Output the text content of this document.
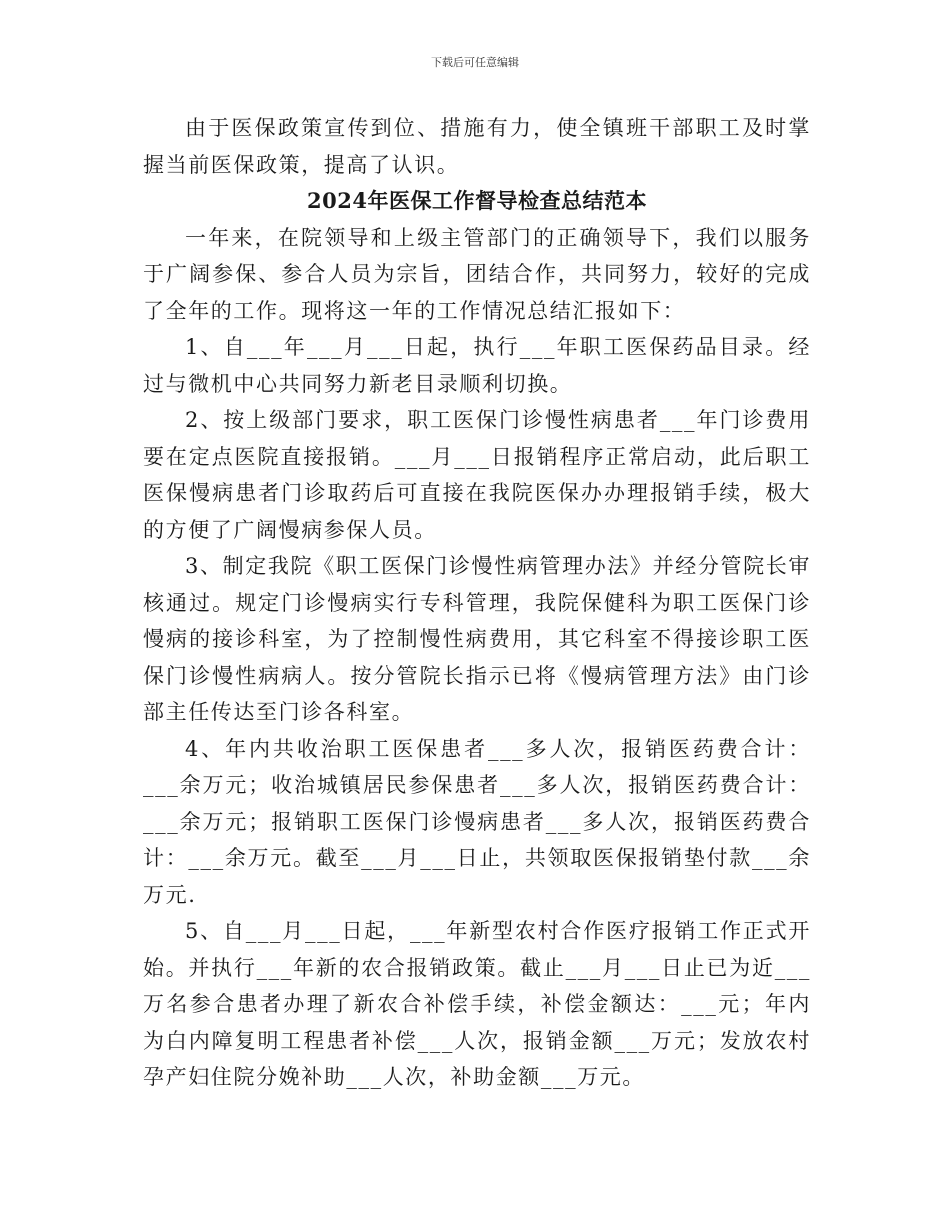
下载后可任意编辑

由于医保政策宣传到位、措施有力，使全镇班干部职工及时掌握当前医保政策，提高了认识。

2024年医保工作督导检查总结范本

一年来，在院领导和上级主管部门的正确领导下，我们以服务于广阔参保、参合人员为宗旨，团结合作，共同努力，较好的完成了全年的工作。现将这一年的工作情况总结汇报如下：

1、自___年___月___日起，执行___年职工医保药品目录。经过与微机中心共同努力新老目录顺利切换。

2、按上级部门要求，职工医保门诊慢性病患者___年门诊费用要在定点医院直接报销。___月___日报销程序正常启动，此后职工医保慢病患者门诊取药后可直接在我院医保办办理报销手续，极大的方便了广阔慢病参保人员。

3、制定我院《职工医保门诊慢性病管理办法》并经分管院长审核通过。规定门诊慢病实行专科管理，我院保健科为职工医保门诊慢病的接诊科室，为了控制慢性病费用，其它科室不得接诊职工医保门诊慢性病病人。按分管院长指示已将《慢病管理方法》由门诊部主任传达至门诊各科室。

4、年内共收治职工医保患者___多人次，报销医药费合计：___余万元；收治城镇居民参保患者___多人次，报销医药费合计：___余万元；报销职工医保门诊慢病患者___多人次，报销医药费合计：___余万元。截至___月___日止，共领取医保报销垫付款___余万元.

5、自___月___日起，___年新型农村合作医疗报销工作正式开始。并执行___年新的农合报销政策。截止___月___日止已为近___万名参合患者办理了新农合补偿手续，补偿金额达：___元；年内为白内障复明工程患者补偿___人次，报销金额___万元；发放农村孕产妇住院分娩补助___人次，补助金额___万元。
